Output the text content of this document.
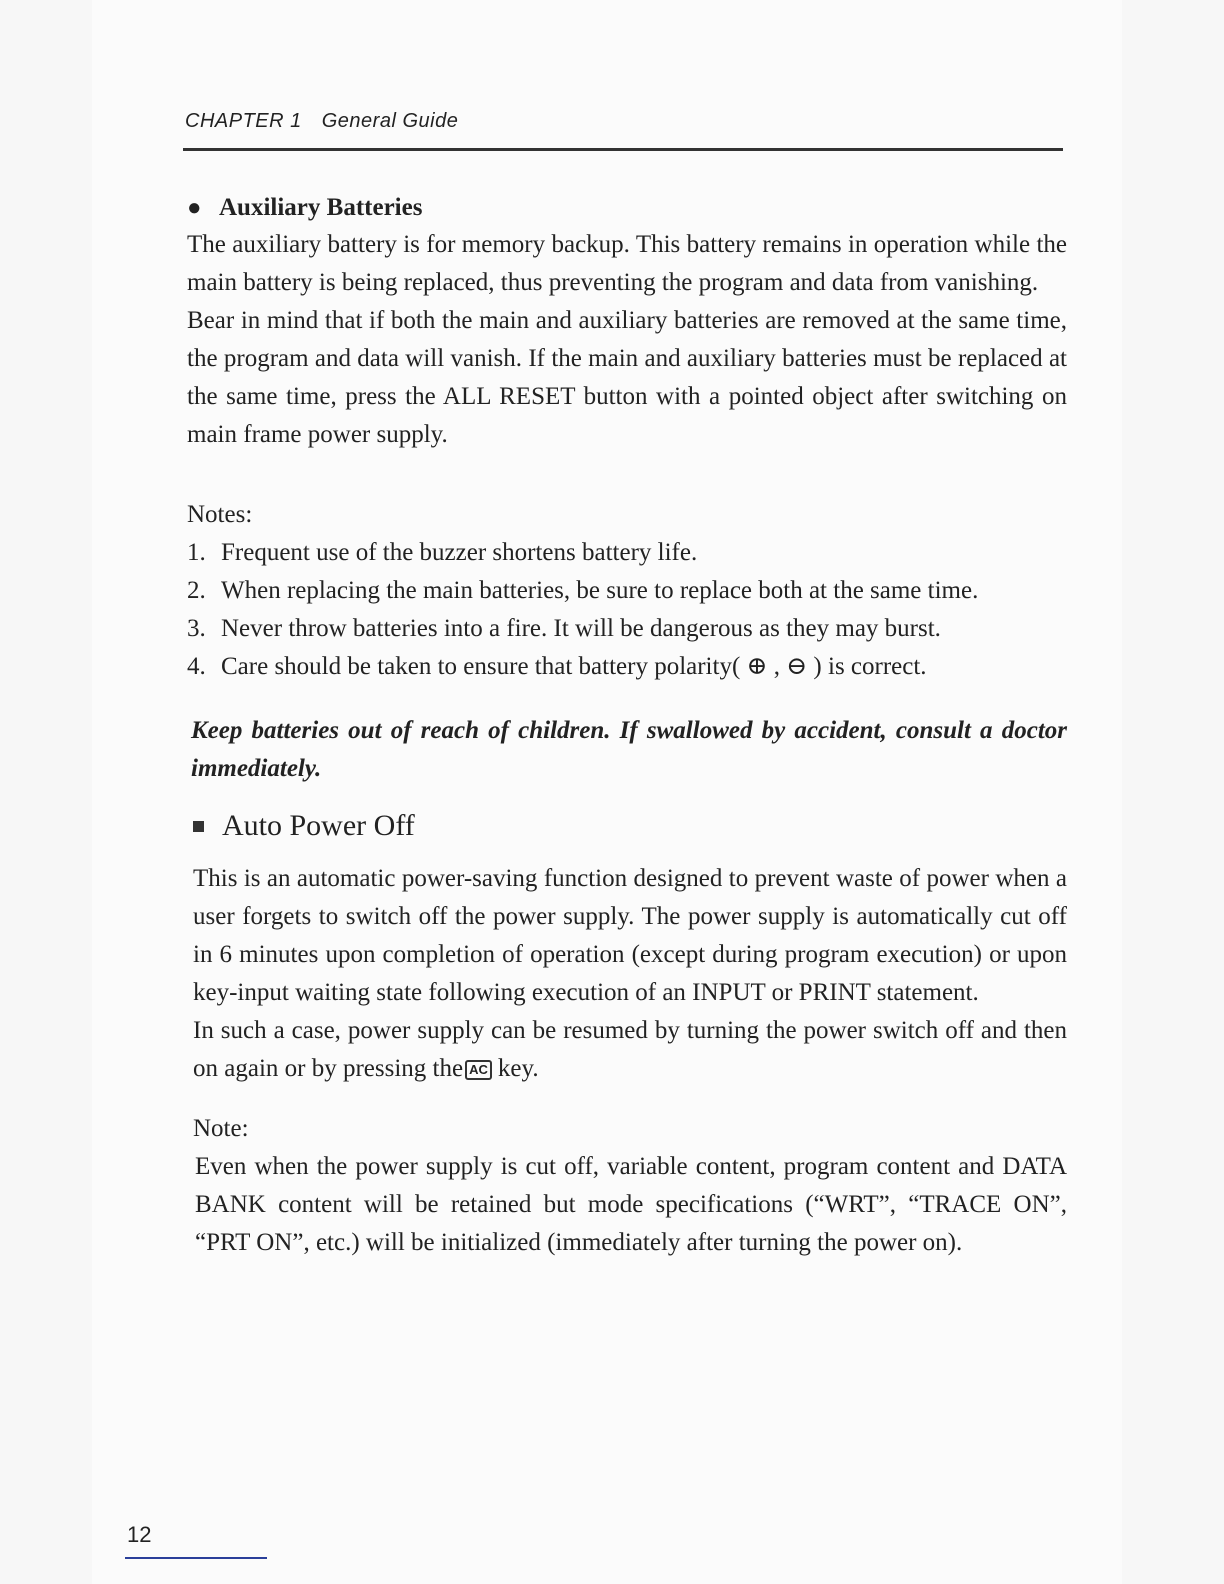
CHAPTER 1 General Guide

● Auxiliary Batteries

The auxiliary battery is for memory backup. This battery remains in operation while the main battery is being replaced, thus preventing the program and data from vanishing.

Bear in mind that if both the main and auxiliary batteries are removed at the same time, the program and data will vanish. If the main and auxiliary batteries must be replaced at the same time, press the ALL RESET button with a pointed object after switching on main frame power supply.

Notes:

1. Frequent use of the buzzer shortens battery life.
2. When replacing the main batteries, be sure to replace both at the same time.
3. Never throw batteries into a fire. It will be dangerous as they may burst.
4. Care should be taken to ensure that battery polarity( ⊕ , ⊖ ) is correct.

Keep batteries out of reach of children. If swallowed by accident, consult a doctor immediately.

Auto Power Off

This is an automatic power-saving function designed to prevent waste of power when a user forgets to switch off the power supply. The power supply is automatically cut off in 6 minutes upon completion of operation (except during program execution) or upon key-input waiting state following execution of an INPUT or PRINT statement.

In such a case, power supply can be resumed by turning the power switch off and then on again or by pressing the AC key.

Note:

Even when the power supply is cut off, variable content, program content and DATA BANK content will be retained but mode specifications (“WRT”, “TRACE ON”, “PRT ON”, etc.) will be initialized (immediately after turning the power on).

12
